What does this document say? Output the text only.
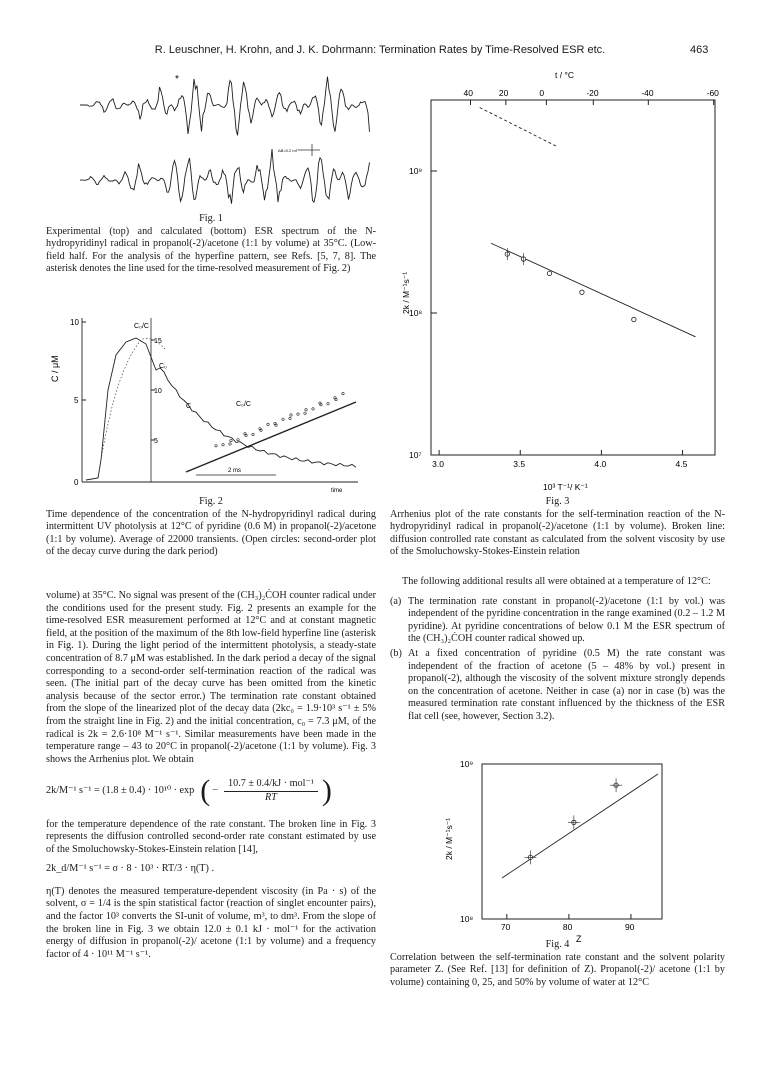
R. Leuschner, H. Krohn, and J. K. Dohrmann: Termination Rates by Time-Resolved ESR etc.	463
*
ΔB=0.2 mT
Fig. 1
Experimental (top) and calculated (bottom) ESR spectrum of the N-hydropyridinyl radical in propanol(-2)/acetone (1:1 by volume) at 35°C. (Low-field half. For the analysis of the hyperfine pattern, see Refs. [5, 7, 8]. The asterisk denotes the line used for the time-resolved measurement of Fig. 2)
C / μM
10
5
0
C₀/C
15
C₀
10
C	C₀/C
5
2 ms
time
Fig. 2
Time dependence of the concentration of the N-hydropyridinyl radical during intermittent UV photolysis at 12°C of pyridine (0.6 M) in propanol(-2)/acetone (1:1 by volume). Average of 22000 transients. (Open circles: second-order plot of the decay curve during the dark period)
t / °C
40	20	0	-20	-40	-60
3.0	3.5	4.0	4.5
10⁹
10⁸
10⁷
2k / M⁻¹s⁻¹
10³ T⁻¹/ K⁻¹
Fig. 3
Arrhenius plot of the rate constants for the self-termination reaction of the N-hydropyridinyl radical in propanol(-2)/acetone (1:1 by volume). Broken line: diffusion controlled rate constant as calculated from the solvent viscosity by use of the Smoluchowsky-Stokes-Einstein relation

volume) at 35°C. No signal was present of the (CH₃)₂ĊOH counter radical under the conditions used for the present study. Fig. 2 presents an example for the time-resolved ESR measurement performed at 12°C and at constant magnetic field, at the position of the maximum of the 8th low-field hyperfine line (asterisk in Fig. 1). During the light period of the intermittent photolysis, a steady-state concentration of 8.7 μM was established. In the dark period a decay of the signal corresponding to a second-order self-termination reaction of the radical was seen. (The initial part of the decay curve has been omitted from the kinetic analysis because of the sector error.) The termination rate constant obtained from the slope of the linearized plot of the decay data (2kc₀ = 1.9·10³ s⁻¹ ± 5% from the straight line in Fig. 2) and the initial concentration, c₀ = 7.3 μM, of the radical is 2k = 2.6·10⁸ M⁻¹ s⁻¹. Similar measurements have been made in the temperature range – 43 to 20°C in propanol(-2)/acetone (1:1 by volume). Fig. 3 shows the Arrhenius plot. We obtain

2k/M⁻¹ s⁻¹ = (1.8 ± 0.4) · 10¹⁰ · exp ( −
10.7 ± 0.4/kJ · mol⁻¹
RT )

for the temperature dependence of the rate constant. The broken line in Fig. 3 represents the diffusion controlled second-order rate constant estimated by use of the Smoluchowsky-Stokes-Einstein relation [14],

2k_d/M⁻¹ s⁻¹ = σ · 8 · 10³ · RT/3 · η(T) .

η(T) denotes the measured temperature-dependent viscosity (in Pa · s) of the solvent, σ = 1/4 is the spin statistical factor (reaction of singlet encounter pairs), and the factor 10³ converts the SI-unit of volume, m³, to dm³. From the slope of the broken line in Fig. 3 we obtain 12.0 ± 0.1 kJ · mol⁻¹ for the activation energy of diffusion in propanol(-2)/ acetone (1:1 by volume) and a frequency factor of 4 · 10¹¹ M⁻¹ s⁻¹.

The following additional results all were obtained at a temperature of 12°C:

(a) The termination rate constant in propanol(-2)/acetone (1:1 by vol.) was independent of the pyridine concentration in the range examined (0.2 – 1.2 M pyridine). At pyridine concentrations of below 0.1 M the ESR spectrum of the (CH₃)₂ĊOH counter radical showed up.
(b) At a fixed concentration of pyridine (0.5 M) the rate constant was independent of the fraction of acetone (5 – 48% by vol.) present in propanol(-2), although the viscosity of the solvent mixture strongly depends on the concentration of acetone. Neither in case (a) nor in case (b) was the measured termination rate constant influenced by the thickness of the ESR flat cell (see, however, Section 3.2).
70	80	90
10⁹
10⁸
2k / M⁻¹s⁻¹
Z
Fig. 4
Correlation between the self-termination rate constant and the solvent polarity parameter Z. (See Ref. [13] for definition of Z). Propanol(-2)/ acetone (1:1 by volume) containing 0, 25, and 50% by volume of water at 12°C
